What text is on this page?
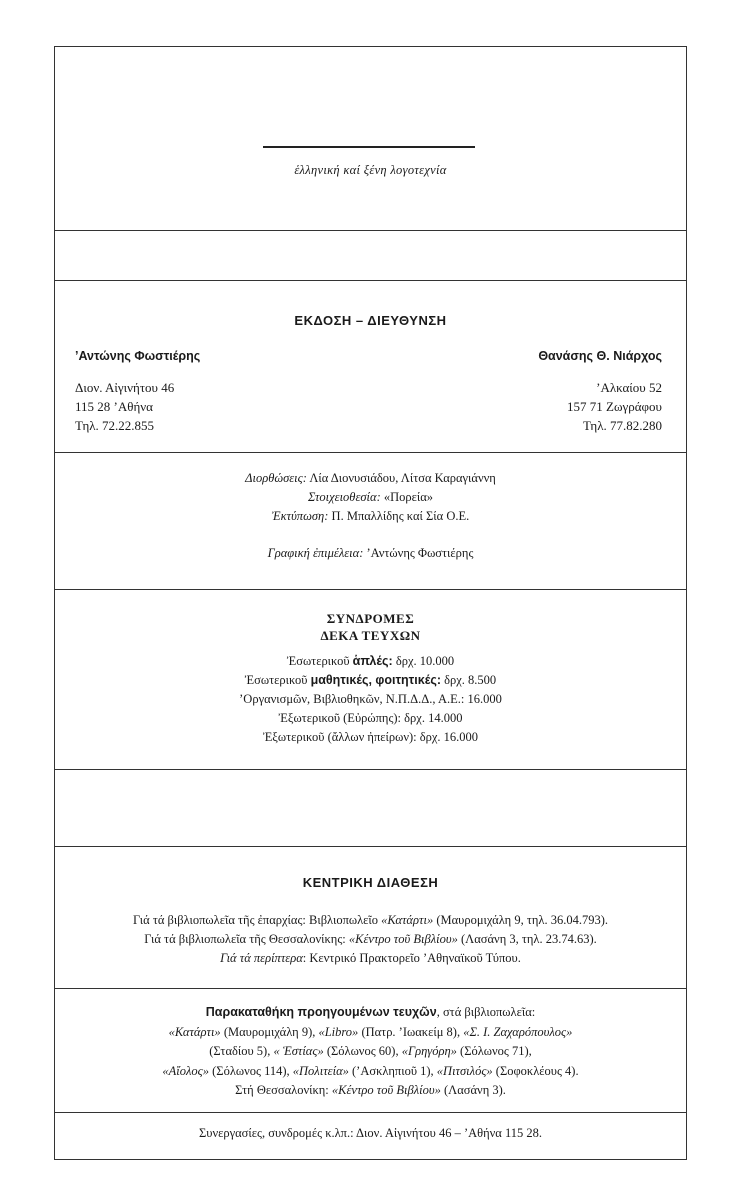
ἑλληνική καί ξένη λογοτεχνία
ΕΚΔΟΣΗ – ΔΙΕΥΘΥΝΣΗ
’Αντώνης Φωστιέρης
Διον. Αἰγινήτου 46
115 28 ’Αθήνα
Τηλ. 72.22.855
Θανάσης Θ. Νιάρχος
’Αλκαίου 52
157 71 Ζωγράφου
Τηλ. 77.82.280
Διορθώσεις: Λία Διονυσιάδου, Λίτσα Καραγιάννη
Στοιχειοθεσία: «Πορεία»
Ἐκτύπωση: Π. Μπαλλίδης καί Σία Ο.Ε.
Γραφική ἐπιμέλεια: ’Αντώνης Φωστιέρης
ΣΥΝΔΡΟΜΕΣ
ΔΕΚΑ ΤΕΥΧΩΝ
Ἐσωτερικοῦ ἁπλές: δρχ. 10.000
Ἐσωτερικοῦ μαθητικές, φοιτητικές: δρχ. 8.500
’Οργανισμῶν, Βιβλιοθηκῶν, Ν.Π.Δ.Δ., Α.Ε.: 16.000
Ἐξωτερικοῦ (Εὐρώπης): δρχ. 14.000
Ἐξωτερικοῦ (ἄλλων ἠπείρων): δρχ. 16.000
ΚΕΝΤΡΙΚΗ ΔΙΑΘΕΣΗ
Γιά τά βιβλιοπωλεῖα τῆς ἐπαρχίας: Βιβλιοπωλεῖο «Κατάρτι» (Μαυρομιχάλη 9, τηλ. 36.04.793).
Γιά τά βιβλιοπωλεῖα τῆς Θεσσαλονίκης: «Κέντρο τοῦ Βιβλίου» (Λασάνη 3, τηλ. 23.74.63).
Γιά τά περίπτερα: Κεντρικό Πρακτορεῖο ’Αθηναϊκοῦ Τύπου.
Παρακαταθήκη προηγουμένων τευχῶν, στά βιβλιοπωλεῖα:
«Κατάρτι» (Μαυρομιχάλη 9), «Libro» (Πατρ. ’Ιωακείμ 8), «Σ. Ι. Ζαχαρόπουλος»
(Σταδίου 5), « Ἑστίας» (Σόλωνος 60), «Γρηγόρη» (Σόλωνος 71),
«Αἴολος» (Σόλωνος 114), «Πολιτεία» (’Ασκληπιοῦ 1), «Πιτσιλός» (Σοφοκλέους 4).
Στή Θεσσαλονίκη: «Κέντρο τοῦ Βιβλίου» (Λασάνη 3).
Συνεργασίες, συνδρομές κ.λπ.: Διον. Αἰγινήτου 46 – ’Αθήνα 115 28.
